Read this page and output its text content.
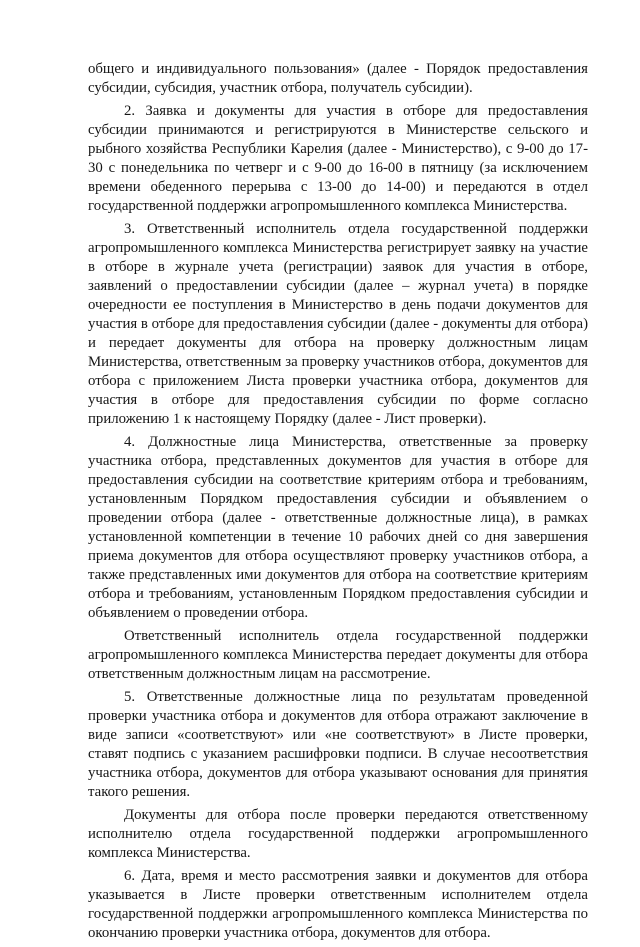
общего и индивидуального пользования» (далее - Порядок предоставления субсидии, субсидия, участник отбора, получатель субсидии).

2. Заявка и документы для участия в отборе для предоставления субсидии принимаются и регистрируются в Министерстве сельского и рыбного хозяйства Республики Карелия (далее - Министерство), с 9-00 до 17-30 с понедельника по четверг и с 9-00 до 16-00 в пятницу (за исключением времени обеденного перерыва с 13-00 до 14-00) и передаются в отдел государственной поддержки агропромышленного комплекса Министерства.

3. Ответственный исполнитель отдела государственной поддержки агропромышленного комплекса Министерства регистрирует заявку на участие в отборе в журнале учета (регистрации) заявок для участия в отборе, заявлений о предоставлении субсидии (далее – журнал учета) в порядке очередности ее поступления в Министерство в день подачи документов для участия в отборе для предоставления субсидии (далее - документы для отбора) и передает документы для отбора на проверку должностным лицам Министерства, ответственным за проверку участников отбора, документов для отбора с приложением Листа проверки участника отбора, документов для участия в отборе для предоставления субсидии по форме согласно приложению 1 к настоящему Порядку (далее - Лист проверки).

4. Должностные лица Министерства, ответственные за проверку участника отбора, представленных документов для участия в отборе для предоставления субсидии на соответствие критериям отбора и требованиям, установленным Порядком предоставления субсидии и объявлением о проведении отбора (далее - ответственные должностные лица), в рамках установленной компетенции в течение 10 рабочих дней со дня завершения приема документов для отбора осуществляют проверку участников отбора, а также представленных ими документов для отбора на соответствие критериям отбора и требованиям, установленным Порядком предоставления субсидии и объявлением о проведении отбора.

Ответственный исполнитель отдела государственной поддержки агропромышленного комплекса Министерства передает документы для отбора ответственным должностным лицам на рассмотрение.

5. Ответственные должностные лица по результатам проведенной проверки участника отбора и документов для отбора отражают заключение в виде записи «соответствуют» или «не соответствуют» в Листе проверки, ставят подпись с указанием расшифровки подписи. В случае несоответствия участника отбора, документов для отбора указывают основания для принятия такого решения.

Документы для отбора после проверки передаются ответственному исполнителю отдела государственной поддержки агропромышленного комплекса Министерства.

6. Дата, время и место рассмотрения заявки и документов для отбора указывается в Листе проверки ответственным исполнителем отдела государственной поддержки агропромышленного комплекса Министерства по окончанию проверки участника отбора, документов для отбора.
